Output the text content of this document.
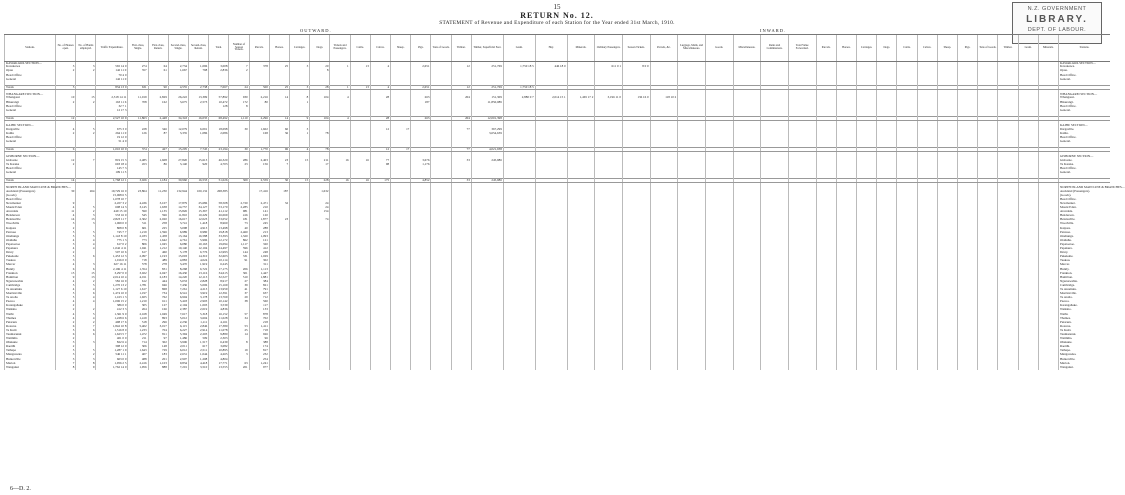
15
RETURN No. 12.
STATEMENT of Revenue and Expenditure of each Station for the Year ended 31st March, 1910.
N.Z. GOVERNMENT
LIBRARY.
DEPT. OF LABOUR.
OUTWARD.	INWARD.
Stations.	No. of Houses open.	No. of Hands employed.	Traffic Expenditure.	First-class, Single.	First-class, Return.	Second-class, Single.	Second-class, Return.	Total.	Number of Season Tickets.	Parcels.	Horses.	Carriages.	Dogs.	Tickets and Passengers.	Cattle.	Calves.	Sheep.	Pigs.	Tons of Goods.	Timber.	Timber, Superficial Feet.	Grain.	Hay.	Minerals.	Ordinary Passengers.	Season Tickets.	Parcels, &c.	Luggage, Mails, and Miscellaneous.	Goods.	Miscellaneous.	Rents and Commissions.	Total Value Forwarded.	Parcels.	Horses.	Carriages.	Dogs.	Cattle.	Calves.	Sheep.	Pigs.	Tons of Goods.	Timber.	Grain.	Minerals.	Stations.
KAWAKAWA SECTION—																																													KAWAKAWA SECTION—
Kawakawa	3	3	565 14 0	274	64	2,734	1,096	3,008	7	378	25	3	20	1	13	4		2,651		12	251,769	1,750 18 5	446 18 0		611 0 1	8 0 0																			Kawakawa.
Opua	2	2	142 11 0	357	61	1,667	798	2,836	2				8																																Opua.
Head Office			70 4 0																																										Head Office.
General			142 11 0																																										General.

Totals	5		834 13 0	631	90	4,555	2,738	7,067	24	500	25	3	28	1	13	4		2,651		12	251,769	1,750 18 5																							

WHANGAREI SECTION—																																													WHANGAREI SECTION—
Whangarei	10	15	2,318 14 11	11,019	2,829	26,222	13,399	57,892	930	2,216	14	8	104	4		28		263		204	151,309	2,880 0 7	2,014 15 1	1,465 17 2	3,196 11 0	136 16 0	118 10 2																		Whangarei.
Hikurangi	2	2	163 11 6	708	162	3,675	2,573	10,472	172	80		1						187			11,850,089																								Hikurangi.
Head Office			32 7 1					128	8																																				Head Office.
General			12 17 3																																										General.

Totals	12		2,527 10 9	11,863	2,448	34,343	16,035	68,492	1,110	2,296	14	9	104	4		28		263		204	12,001,398																								

KAIHU SECTION—																																													KAIHU SECTION—
Dargaville	4	5	675 3 0	228	346	12,079	6,091	18,098	30	1,602	60	3				12	17			77	367,299																								Dargaville.
Kaihu	2	2	264 11 0	126	87	3,335	1,086	2,086		168	36	1	78								3,654,639																								Kaihu.
Head Office			19 12 0																																										Head Office.
General			51 4 0																																										General.

Totals	6		1,010 10 0	374	427	15,205	7,745	23,194	30	1,770	96	4	78			12	17			77	4,021,938																								

GISBORNE SECTION—																																													GISBORNE SECTION—
Gisborne	12	7	819 15 3	2,485	1,608	27,820	15,613	46,320	286	2,403	23	15	211	16	16	77		3,676		33	245,986																								Gisborne.
Te Karaka	2		693 18 4	453	86	3,140	920	4,703	23	156	7		17			98		1,176																											Te Karaka.
Head Office			145 7 3																																										Head Office.
General			109 11 3																																										General.

Totals	14		1,768 12 1	3,026	1,184	30,960	16,533	51,026	309	2,559	30	15	228	16	16	175		4,852		33	245,986																								

NORTH ISLAND MAIN LINE & BRANCHES—																																													NORTH ISLAND MAIN LINE & BRANCHES—
Auckland (Passengers)	30	264	19,729 16 0	23,864	11,230	132,944	100,132	268,385		17,416	187		1,632																																Auckland (Passengers).
(Goods)			15,068 6 5																																										(Goods).
Head Office			1,078 10 7																																										Head Office.
Newmarket	9		2,457 3 2	4,436	3,107	17,879	25,686	58,508	2,720	2,471	32		24																																Newmarket.
Mount Eden	4	5	608 14 3	3,145	1,638	14,757	34,127	53,170	2,285	210			24																																Mount Eden.
Avondale	11	2	449 15 10	590	1,135	15,826	15,367	41,112	981	141			154																																Avondale.
Henderson	4	3	533 16 0	545	596	11,810	10,229	26,069	416	120																																			Henderson.
Helensville	14	13	2,823 11 7	2,302	2,020	16,617	12,023	33,052	181	1,877	23		74																																Helensville.
Woodville	3	3	1,069 0 0	511	258	3,741	1,418	8,960	73	245																																			Woodville.
Kaipara	2		808 0 8	601	225	3,098	4,913	13,498	40	288																																			Kaipara.
Penrose	5	5	745 7 7	1,219	1,596	6,989	9,980	19,818	2,460	213																																			Penrose.
Onehunga	5	5	1,143 8 10	2,183	1,458	13,164	16,588	33,393	1,320	1,093																																			Onehunga.
Otahuhu	4	4	775 1 3	773	1,642	4,761	5,996	12,172	862	121																																			Otahuhu.
Papatoetoe	3	4	617 0 2	806	1,045	6,080	10,163	19,094	1,117	320																																			Papatoetoe.
Papakura	4	4	1,042 4 11	1,041	1,212	10,140	12,104	24,497	596	412																																			Papakura.
Drury	2		507 10 6	617	460	5,178	6,776	12,993	144	248																																			Drury.
Pukekohe	5	6	1,453 12 3	2,097	1,193	15,003	14,310	32,603	331	1,029																																			Pukekohe.
Tuakau	3		1,016 0 0	718	489	4,883	4,024	10,114	91	302																																			Tuakau.
Mercer	4	3	627 16 11	578	278	3,470	1,919	6,245		311																																			Mercer.
Huntly	6	6	2,196 4 11	1,354	831	8,268	6,722	17,175	206	1,113																																			Huntly.
Frankton	15	15	3,297 0 0	3,022	2,047	16,430	13,116	34,615	301	1,447																																			Frankton.
Hamilton	9	13	2,014 10 4	4,011	2,183	14,220	12,113	32,527	510	1,881																																			Hamilton.
Ngaruawahia	4	2	582 16 9	612	444	5,033	2,828	8,917	27	384																																			Ngaruawahia.
Cambridge	5	5	1,270 13 2	1,781	946	7,436	5,006	15,169	39	821																																			Cambridge.
Te Awamutu	4	4	1,127 6 10	1,617	868	7,261	4,213	13,959	41	791																																			Te Awamutu.
Morrinsville	5	6	1,474 10 0	1,197	734	6,541	3,919	12,391	37	637																																			Morrinsville.
Te Aroha	5	4	1,163 1 3	1,925	762	6,904	3,178	13,769	29	712																																			Te Aroha.
Paeroa	4	4	1,006 15 2	1,210	611	5,418	2,903	10,142	38	560																																			Paeroa.
Karangahake	2		386 0 0	305	127	2,104	1,003	3,539		117																																			Karangahake.
Waikino	2	2	412 3 3	264	166	2,387	2,019	4,836		133																																			Waikino.
Waihi	4	5	1,361 9 0	2,168	1,049	7,617	5,318	16,152	57	878																																			Waihi.
Thames	4	4	1,228 6 6	1,419	893	5,012	3,604	11,028	34	702																																			Thames.
Putaruru	2	2	498 17 6	518	296	2,236	1,111	4,161		218																																			Putaruru.
Rotorua	6	7	1,842 10 8	5,402	3,017	6,115	2,846	17,380	53	1,411																																			Rotorua.
Te Kuiti	5	6	1,516 8 0	1,233	704	6,227	2,914	11,078	25	718																																			Te Kuiti.
Taumarunui	6	6	1,623 5 7	1,472	811	5,394	2,203	9,880	14	926																																			Taumarunui.
Waimiha	2		401 0 0	211	97	1,486	509	2,303		96																																			Waimiha.
Ohakune	3	3	822 6 4	714	302	3,906	1,517	6,439	8	388																																			Ohakune.
Raetihi	2		398 12 0	306	148	2,011	617	3,082		174																																			Raetihi.
Taihape	5	5	1,287 1 9	1,643	729	6,012	2,511	10,895	19	817																																			Taihape.
Mangaweka	3	2	546 11 1	407	183	2,631	1,044	4,265	3	232																																			Mangaweka.
Hunterville	3	3	603 0 0	488	201	2,907	1,208	4,804		254																																			Hunterville.
Marton	7	8	1,956 2 5	2,416	1,103	9,834	4,418	17,771	63	1,241																																			Marton.
Wanganui	8	9	1,762 14 0	1,956	888	7,201	3,510	13,555	201	977																																			Wanganui.
6—D. 2.
